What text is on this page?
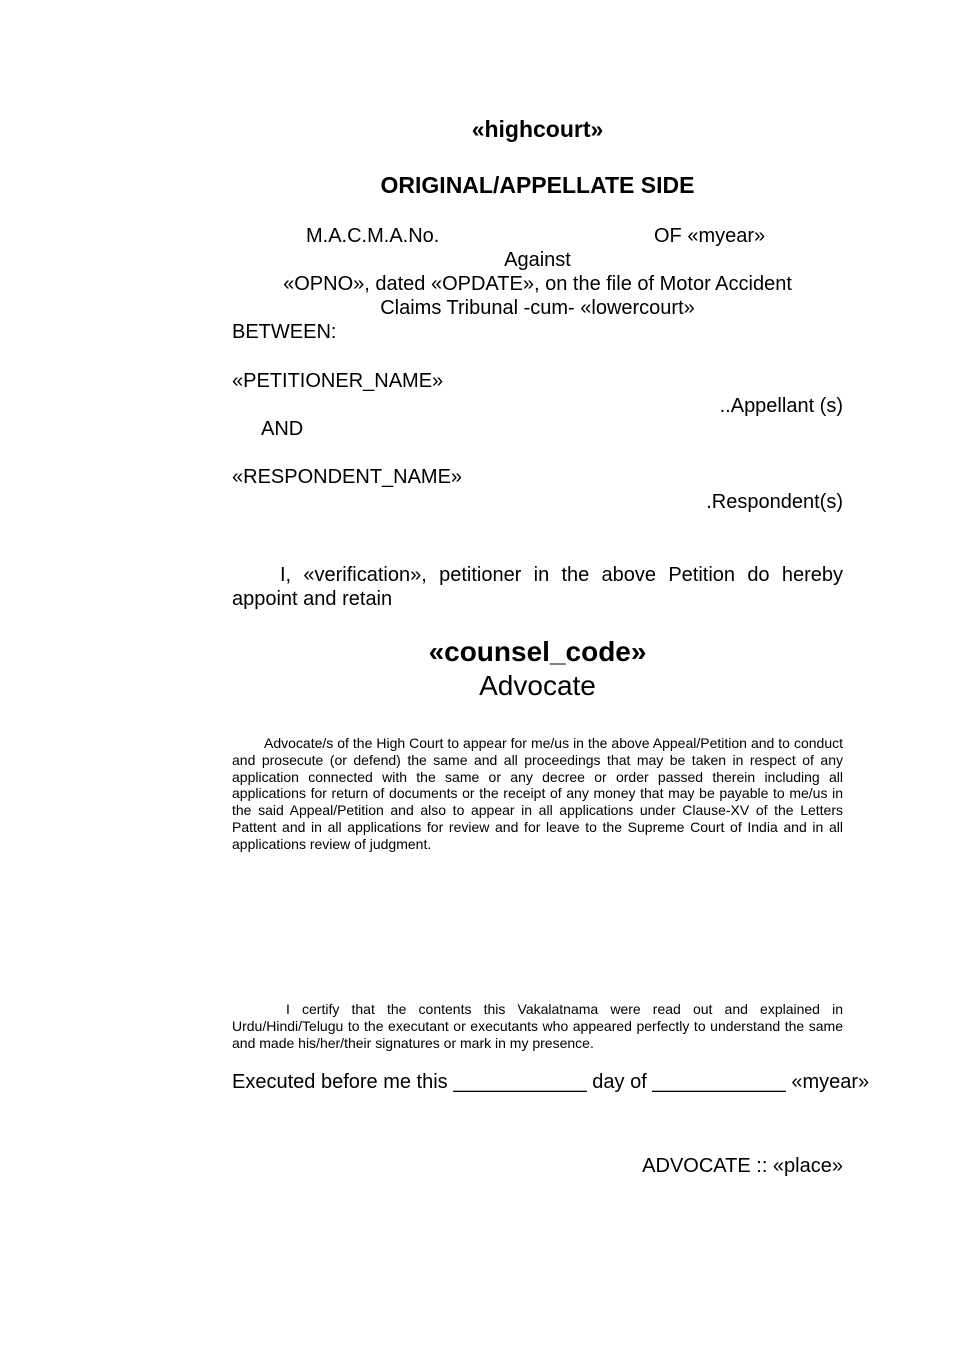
«highcourt»
ORIGINAL/APPELLATE SIDE
M.A.C.M.A.No.	OF «myear»
Against
«OPNO», dated «OPDATE», on the file of Motor Accident
Claims Tribunal -cum- «lowercourt»
BETWEEN:
«PETITIONER_NAME»
..Appellant (s)
AND
«RESPONDENT_NAME»
.Respondent(s)
I, «verification», petitioner in the above Petition do hereby appoint and retain
«counsel_code»
Advocate
Advocate/s of the High Court to appear for me/us in the above Appeal/Petition and to conduct and prosecute (or defend) the same and all proceedings that may be taken in respect of any application connected with the same or any decree or order passed therein including all applications for return of documents or the receipt of any money that may be payable to me/us in the said Appeal/Petition and also to appear in all applications under Clause-XV of the Letters Pattent and in all applications for review and for leave to the Supreme Court of India and in all applications review of judgment.
I certify that the contents this Vakalatnama were read out and explained in Urdu/Hindi/Telugu to the executant or executants who appeared perfectly to understand the same and made his/her/their signatures or mark in my presence.
Executed before me this ____________ day of ____________ «myear»
ADVOCATE :: «place»
